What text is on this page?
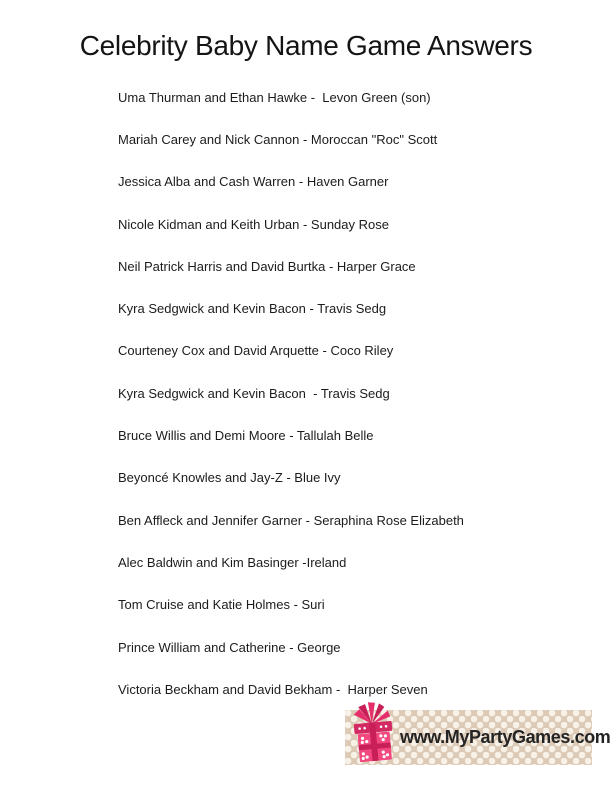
Celebrity Baby Name Game Answers
Uma Thurman and Ethan Hawke -  Levon Green (son)
Mariah Carey and Nick Cannon - Moroccan "Roc" Scott
Jessica Alba and Cash Warren - Haven Garner
Nicole Kidman and Keith Urban - Sunday Rose
Neil Patrick Harris and David Burtka - Harper Grace
Kyra Sedgwick and Kevin Bacon - Travis Sedg
Courteney Cox and David Arquette - Coco Riley
Kyra Sedgwick and Kevin Bacon  - Travis Sedg
Bruce Willis and Demi Moore - Tallulah Belle
Beyoncé Knowles and Jay-Z - Blue Ivy
Ben Affleck and Jennifer Garner - Seraphina Rose Elizabeth
Alec Baldwin and Kim Basinger -Ireland
Tom Cruise and Katie Holmes - Suri
Prince William and Catherine - George
Victoria Beckham and David Bekham -  Harper Seven
www.MyPartyGames.com
